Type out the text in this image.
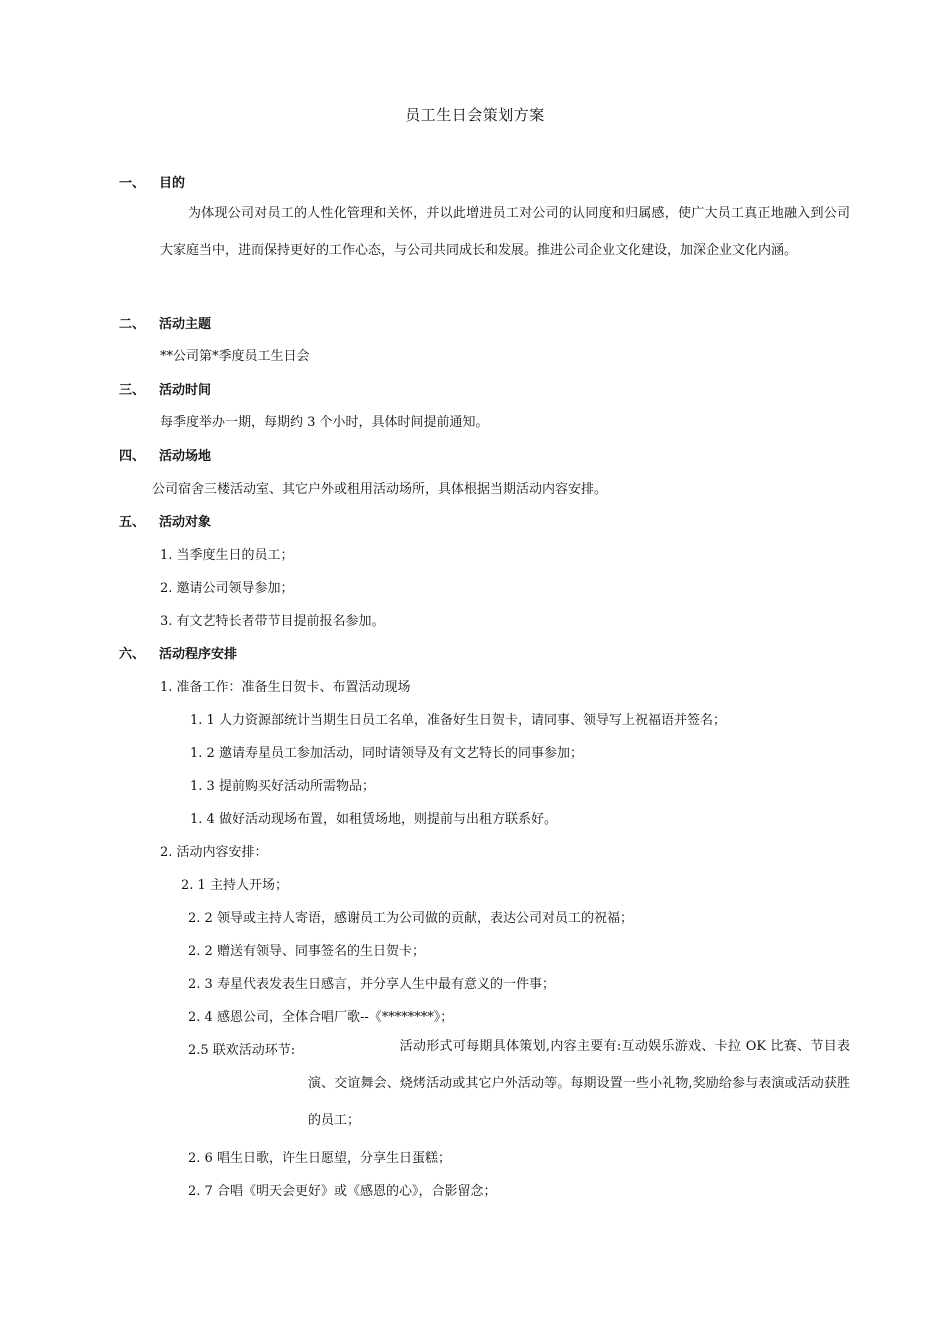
员工生日会策划方案
一、 目的
为体现公司对员工的人性化管理和关怀，并以此增进员工对公司的认同度和归属感，使广大员工真正地融入到公司大家庭当中，进而保持更好的工作心态，与公司共同成长和发展。推进公司企业文化建设，加深企业文化内涵。
二、 活动主题
**公司第*季度员工生日会
三、 活动时间
每季度举办一期，每期约 3 个小时，具体时间提前通知。
四、 活动场地
公司宿舍三楼活动室、其它户外或租用活动场所，具体根据当期活动内容安排。
五、 活动对象
1. 当季度生日的员工；
2. 邀请公司领导参加；
3. 有文艺特长者带节目提前报名参加。
六、 活动程序安排
1. 准备工作：准备生日贺卡、布置活动现场
1. 1 人力资源部统计当期生日员工名单，准备好生日贺卡，请同事、领导写上祝福语并签名；
1. 2 邀请寿星员工参加活动，同时请领导及有文艺特长的同事参加；
1. 3 提前购买好活动所需物品；
1. 4 做好活动现场布置，如租赁场地，则提前与出租方联系好。
2. 活动内容安排：
2. 1 主持人开场；
2. 2 领导或主持人寄语，感谢员工为公司做的贡献，表达公司对员工的祝福；
2. 2 赠送有领导、同事签名的生日贺卡；
2. 3 寿星代表发表生日感言，并分享人生中最有意义的一件事；
2. 4 感恩公司，全体合唱厂歌--《********》；
2.5 联欢活动环节:	活动形式可每期具体策划,内容主要有:互动娱乐游戏、卡拉 OK 比赛、节目表演、交谊舞会、烧烤活动或其它户外活动等。每期设置一些小礼物,奖励给参与表演或活动获胜的员工；
2. 6 唱生日歌，许生日愿望，分享生日蛋糕；
2. 7 合唱《明天会更好》或《感恩的心》，合影留念；
